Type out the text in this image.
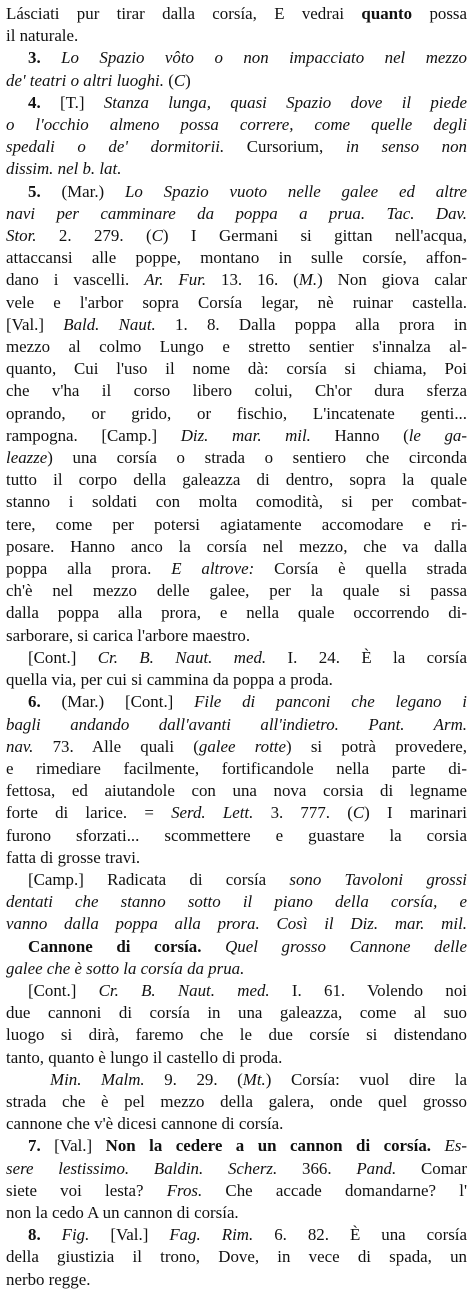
Lásciati pur tirar dalla corsía, E vedrai quanto possa
il naturale.
3. Lo Spazio vôto o non impacciato nel mezzo
de' teatri o altri luoghi. (C)
4. [T.] Stanza lunga, quasi Spazio dove il piede
o l'occhio almeno possa correre, come quelle degli
spedali o de' dormitorii. Cursorium, in senso non
dissim. nel b. lat.
5. (Mar.) Lo Spazio vuoto nelle galee ed altre
navi per camminare da poppa a prua. Tac. Dav.
Stor. 2. 279. (C) I Germani si gittan nell'acqua,
attaccansi alle poppe, montano in sulle corsíe, affon-
dano i vascelli. Ar. Fur. 13. 16. (M.) Non giova calar
vele e l'arbor sopra Corsía legar, nè ruinar castella.
[Val.] Bald. Naut. 1. 8. Dalla poppa alla prora in
mezzo al colmo Lungo e stretto sentier s'innalza al-
quanto, Cui l'uso il nome dà: corsía si chiama, Poi
che v'ha il corso libero colui, Ch'or dura sferza
oprando, or grido, or fischio, L'incatenate genti...
rampogna. [Camp.] Diz. mar. mil. Hanno (le ga-
leazze) una corsía o strada o sentiero che circonda
tutto il corpo della galeazza di dentro, sopra la quale
stanno i soldati con molta comodità, si per combat-
tere, come per potersi agiatamente accomodare e ri-
posare. Hanno anco la corsía nel mezzo, che va dalla
poppa alla prora. E altrove: Corsía è quella strada
ch'è nel mezzo delle galee, per la quale si passa
dalla poppa alla prora, e nella quale occorrendo di-
sarborare, si carica l'arbore maestro.
[Cont.] Cr. B. Naut. med. I. 24. È la corsía
quella via, per cui si cammina da poppa a proda.
6. (Mar.) [Cont.] File di panconi che legano i
bagli andando dall'avanti all'indietro. Pant. Arm.
nav. 73. Alle quali (galee rotte) si potrà provedere,
e rimediare facilmente, fortificandole nella parte di-
fettosa, ed aiutandole con una nova corsia di legname
forte di larice. = Serd. Lett. 3. 777. (C) I marinari
furono sforzati... scommettere e guastare la corsia
fatta di grosse travi.
[Camp.] Radicata di corsía sono Tavoloni grossi
dentati che stanno sotto il piano della corsía, e
vanno dalla poppa alla prora. Così il Diz. mar. mil.
Cannone di corsía. Quel grosso Cannone delle
galee che è sotto la corsía da prua.
[Cont.] Cr. B. Naut. med. I. 61. Volendo noi
due cannoni di corsía in una galeazza, come al suo
luogo si dirà, faremo che le due corsíe si distendano
tanto, quanto è lungo il castello di proda.
Min. Malm. 9. 29. (Mt.) Corsía: vuol dire la
strada che è pel mezzo della galera, onde quel grosso
cannone che v'è dicesi cannone di corsía.
7. [Val.] Non la cedere a un cannon di corsía. Es-
sere lestissimo. Baldin. Scherz. 366. Pand. Comar
siete voi lesta? Fros. Che accade domandarne? l'
non la cedo A un cannon di corsía.
8. Fig. [Val.] Fag. Rim. 6. 82. È una corsía
della giustizia il trono, Dove, in vece di spada, un
nerbo regge.
